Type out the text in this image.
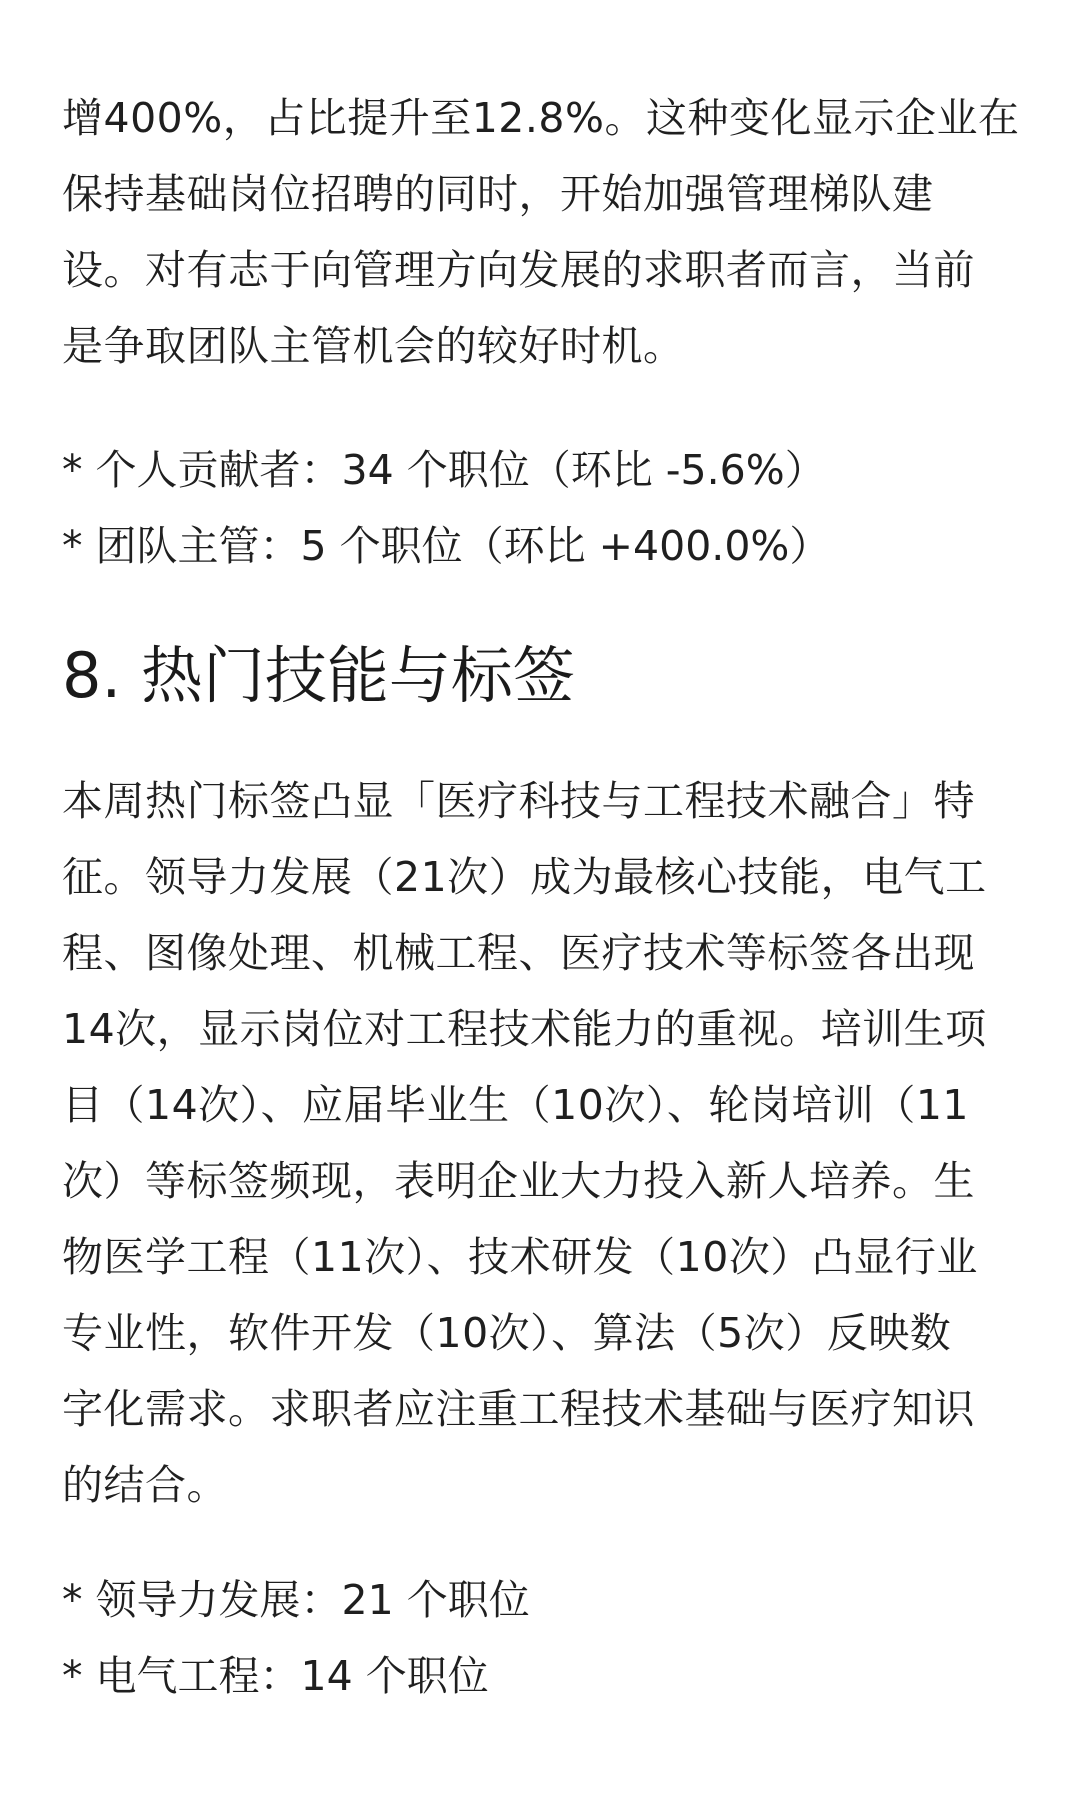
增400%，占比提升至12.8%。这种变化显示企业在
保持基础岗位招聘的同时，开始加强管理梯队建
设。对有志于向管理方向发展的求职者而言，当前
是争取团队主管机会的较好时机。

* 个人贡献者：34 个职位（环比 -5.6%）
* 团队主管：5 个职位（环比 +400.0%）
8. 热门技能与标签

本周热门标签凸显「医疗科技与工程技术融合」特
征。领导力发展（21次）成为最核心技能，电气工
程、图像处理、机械工程、医疗技术等标签各出现
14次，显示岗位对工程技术能力的重视。培训生项
目（14次）、应届毕业生（10次）、轮岗培训（11
次）等标签频现，表明企业大力投入新人培养。生
物医学工程（11次）、技术研发（10次）凸显行业
专业性，软件开发（10次）、算法（5次）反映数
字化需求。求职者应注重工程技术基础与医疗知识
的结合。

* 领导力发展：21 个职位
* 电气工程：14 个职位
